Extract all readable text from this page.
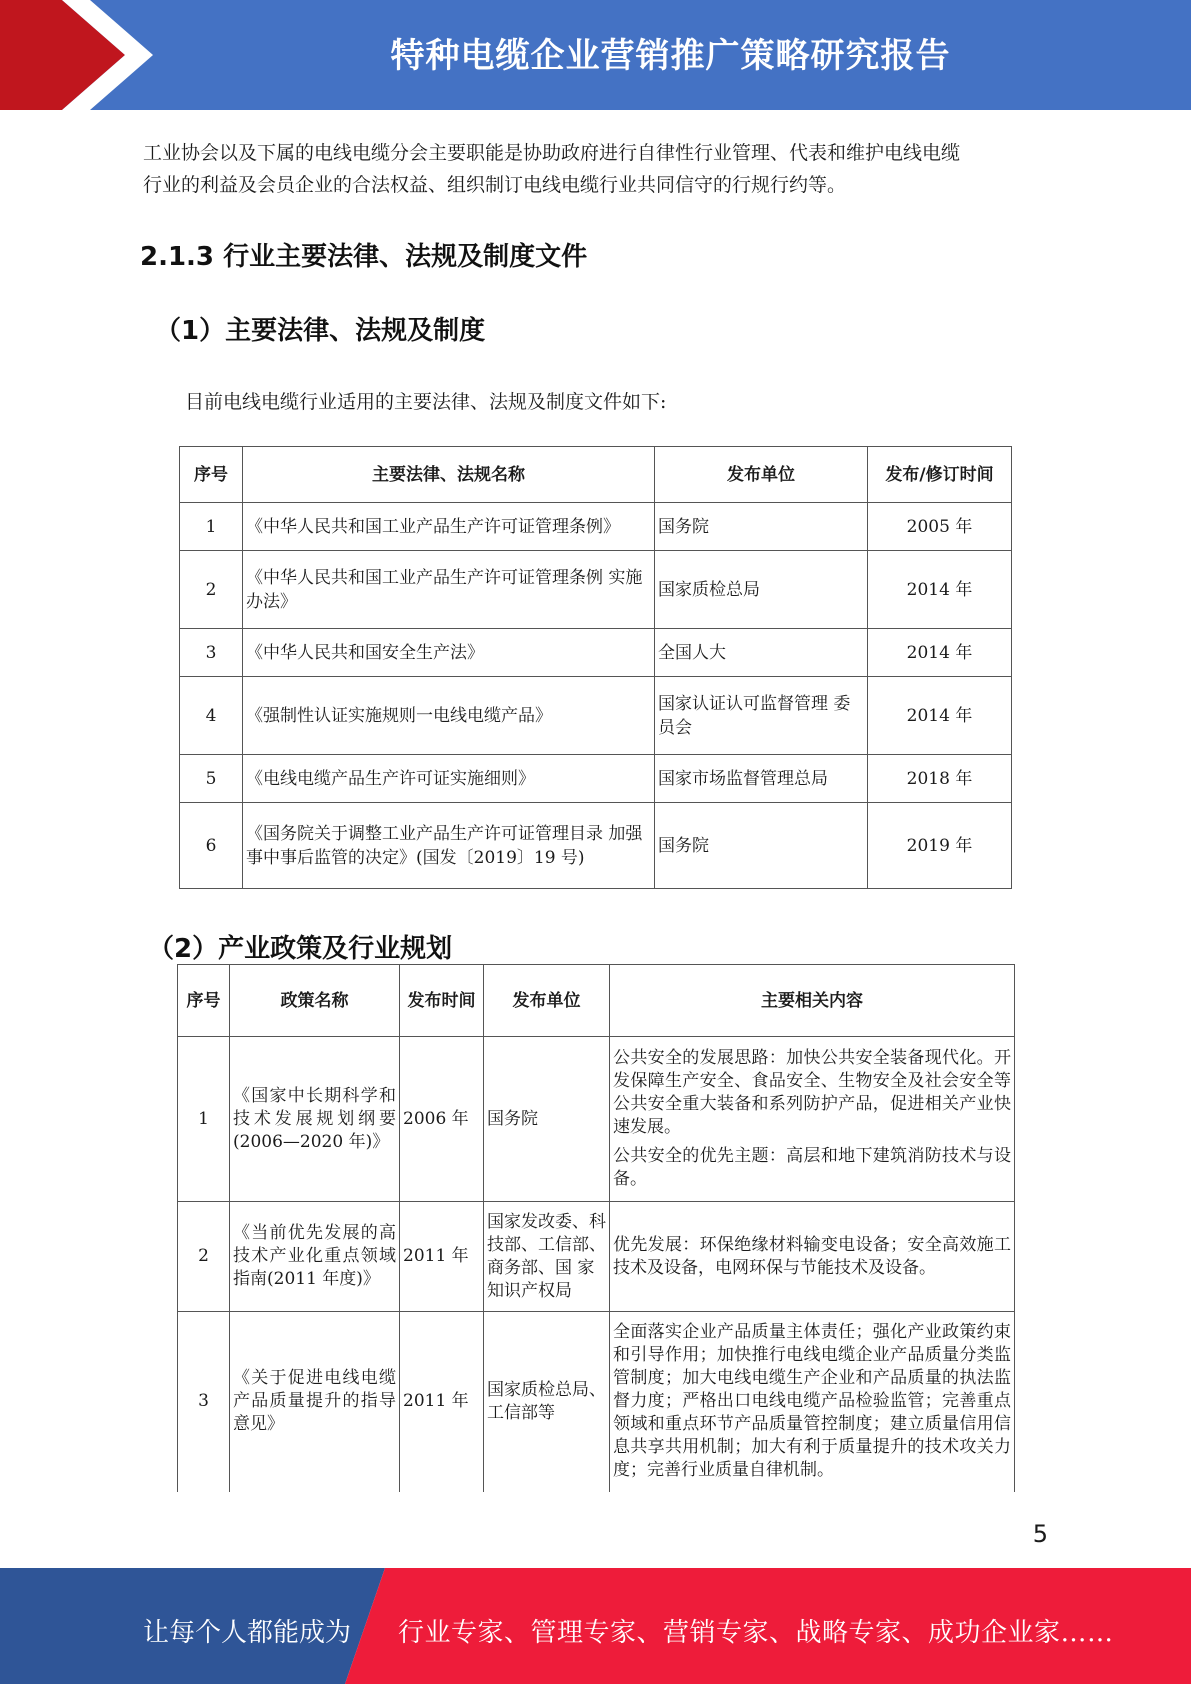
特种电缆企业营销推广策略研究报告
工业协会以及下属的电线电缆分会主要职能是协助政府进行自律性行业管理、代表和维护电线电缆
行业的利益及会员企业的合法权益、组织制订电线电缆行业共同信守的行规行约等。
2.1.3 行业主要法律、法规及制度文件
（1）主要法律、法规及制度
目前电线电缆行业适用的主要法律、法规及制度文件如下:
序号	主要法律、法规名称	发布单位	发布/修订时间
1	《中华人民共和国工业产品生产许可证管理条例》	国务院	2005 年
2	《中华人民共和国工业产品生产许可证管理条例 实施办法》	国家质检总局	2014 年
3	《中华人民共和国安全生产法》	全国人大	2014 年
4	《强制性认证实施规则一电线电缆产品》	国家认证认可监督管理 委员会	2014 年
5	《电线电缆产品生产许可证实施细则》	国家市场监督管理总局	2018 年
6	《国务院关于调整工业产品生产许可证管理目录 加强事中事后监管的决定》(国发〔2019〕19 号)	国务院	2019 年
（2）产业政策及行业规划
序号	政策名称	发布时间	发布单位	主要相关内容
1	《国家中长期科学和技术发展规划纲要(2006—2020 年)》	2006 年	国务院	公共安全的发展思路：加快公共安全装备现代化。开发保障生产安全、食品安全、生物安全及社会安全等公共安全重大装备和系列防护产品，促进相关产业快速发展。

公共安全的优先主题：高层和地下建筑消防技术与设备。

2	《当前优先发展的高技术产业化重点领域指南(2011 年度)》	2011 年	国家发改委、科技部、工信部、商务部、国 家知识产权局	优先发展：环保绝缘材料输变电设备；安全高效施工技术及设备，电网环保与节能技术及设备。

3	《关于促进电线电缆产品质量提升的指导意见》	2011 年	国家质检总局、工信部等	全面落实企业产品质量主体责任；强化产业政策约束和引导作用；加快推行电线电缆企业产品质量分类监管制度；加大电线电缆生产企业和产品质量的执法监督力度；严格出口电线电缆产品检验监管；完善重点领域和重点环节产品质量管控制度；建立质量信用信息共享共用机制；加大有利于质量提升的技术攻关力度；完善行业质量自律机制。

5
让每个人都能成为 行业专家、管理专家、营销专家、战略专家、成功企业家……
